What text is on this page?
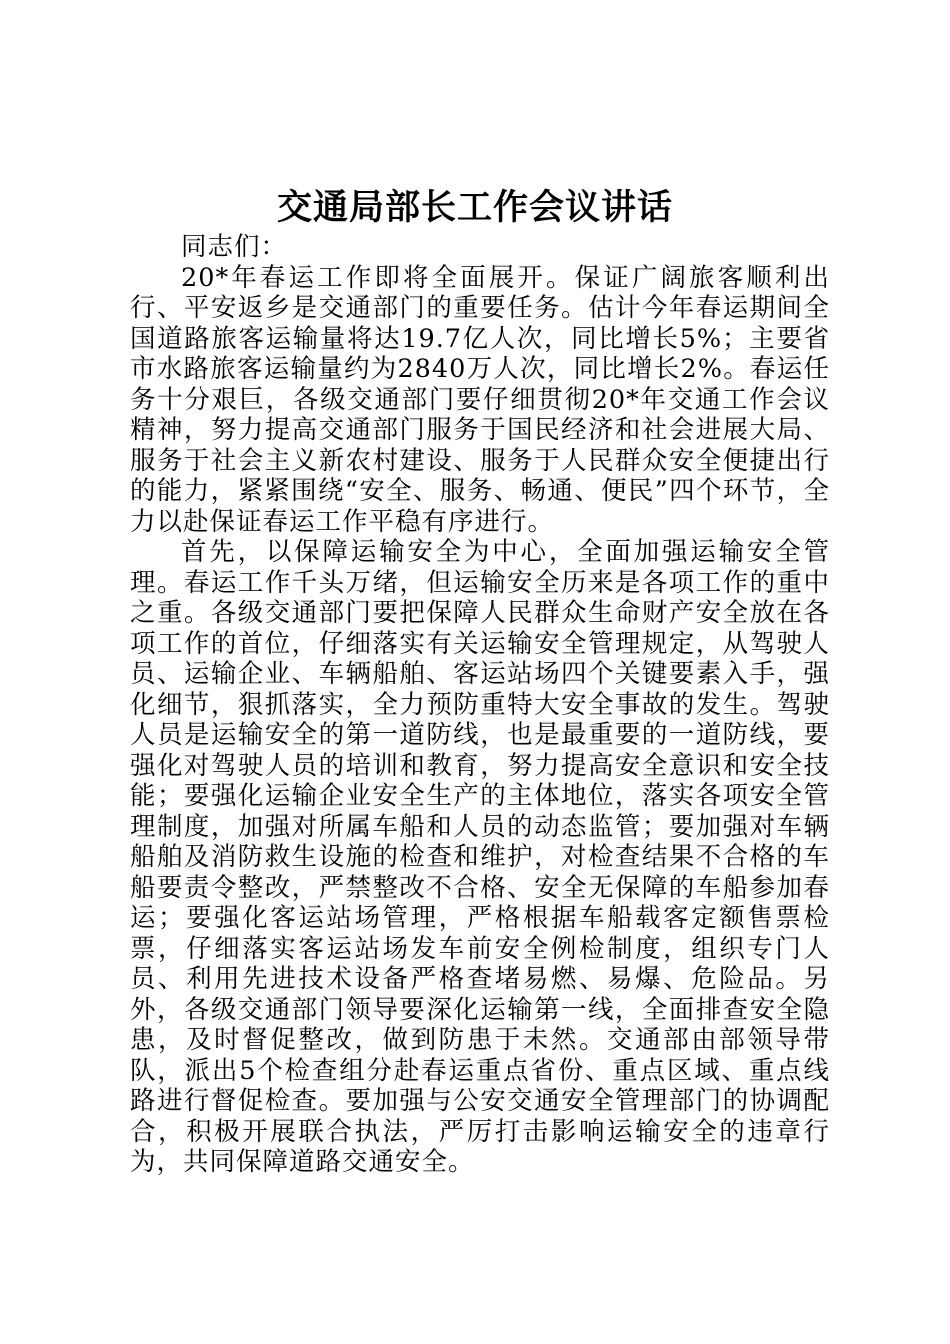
交通局部长工作会议讲话

同志们：

20*年春运工作即将全面展开。保证广阔旅客顺利出行、平安返乡是交通部门的重要任务。估计今年春运期间全国道路旅客运输量将达19.7亿人次，同比增长5%；主要省市水路旅客运输量约为2840万人次，同比增长2%。春运任务十分艰巨，各级交通部门要仔细贯彻20*年交通工作会议精神，努力提高交通部门服务于国民经济和社会进展大局、服务于社会主义新农村建设、服务于人民群众安全便捷出行的能力，紧紧围绕“安全、服务、畅通、便民”四个环节，全力以赴保证春运工作平稳有序进行。

首先，以保障运输安全为中心，全面加强运输安全管理。春运工作千头万绪，但运输安全历来是各项工作的重中之重。各级交通部门要把保障人民群众生命财产安全放在各项工作的首位，仔细落实有关运输安全管理规定，从驾驶人员、运输企业、车辆船舶、客运站场四个关键要素入手，强化细节，狠抓落实，全力预防重特大安全事故的发生。驾驶人员是运输安全的第一道防线，也是最重要的一道防线，要强化对驾驶人员的培训和教育，努力提高安全意识和安全技能；要强化运输企业安全生产的主体地位，落实各项安全管理制度，加强对所属车船和人员的动态监管；要加强对车辆船舶及消防救生设施的检查和维护，对检查结果不合格的车船要责令整改，严禁整改不合格、安全无保障的车船参加春运；要强化客运站场管理，严格根据车船载客定额售票检票，仔细落实客运站场发车前安全例检制度，组织专门人员、利用先进技术设备严格查堵易燃、易爆、危险品。另外，各级交通部门领导要深化运输第一线，全面排查安全隐患，及时督促整改，做到防患于未然。交通部由部领导带队，派出5个检查组分赴春运重点省份、重点区域、重点线路进行督促检查。要加强与公安交通安全管理部门的协调配合，积极开展联合执法，严厉打击影响运输安全的违章行为，共同保障道路交通安全。
